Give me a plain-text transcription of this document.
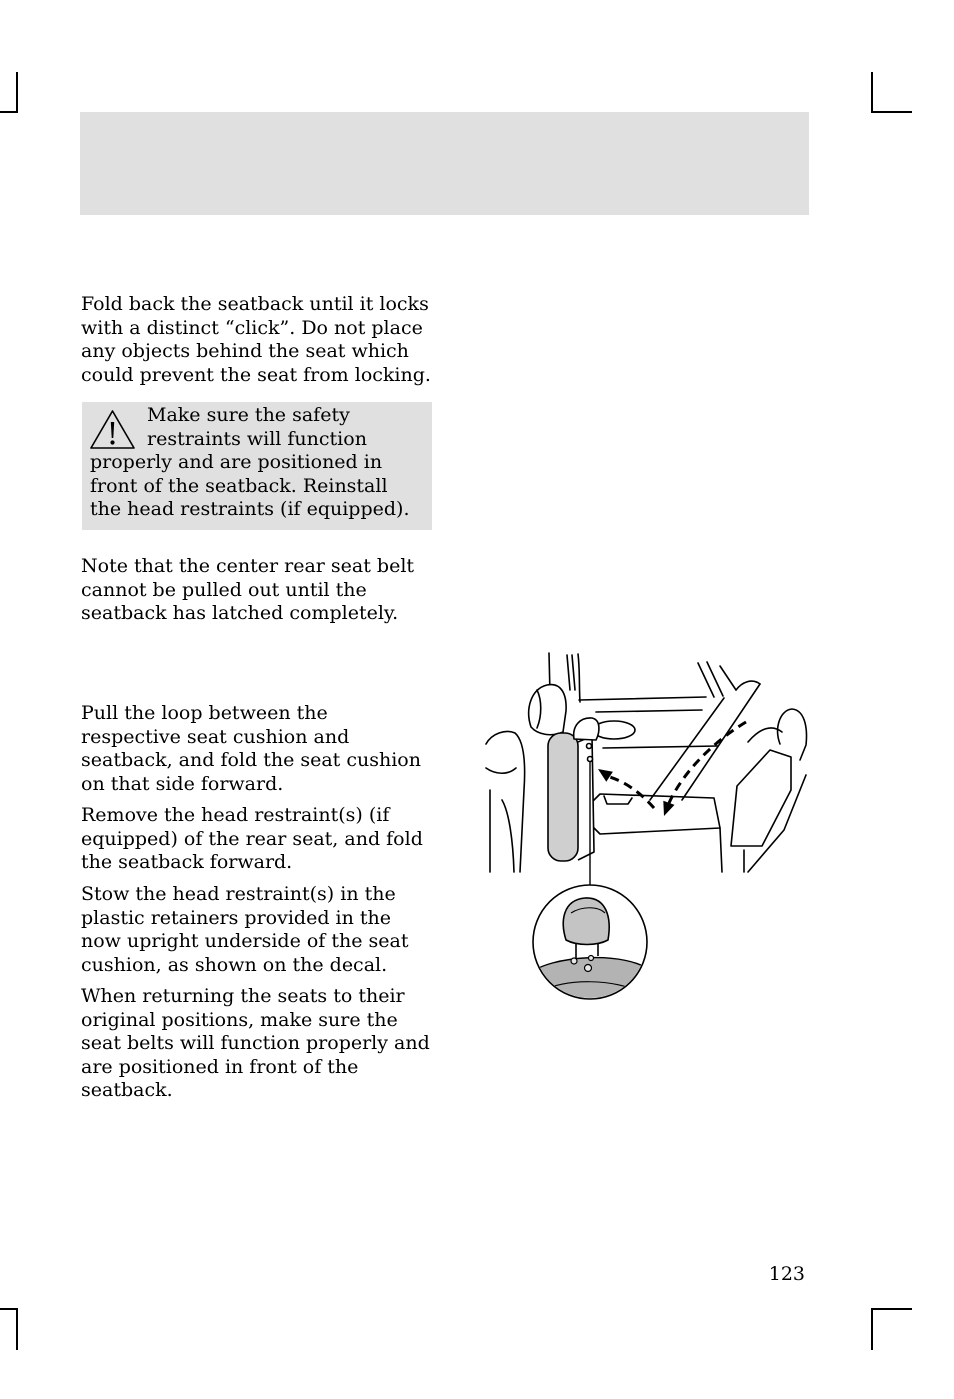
Fold back the seatback until it locks
with a distinct “click”. Do not place
any objects behind the seat which
could prevent the seat from locking.

Make sure the safety
restraints will function
properly and are positioned in
front of the seatback. Reinstall
the head restraints (if equipped).

Note that the center rear seat belt
cannot be pulled out until the
seatback has latched completely.

Pull the loop between the
respective seat cushion and
seatback, and fold the seat cushion
on that side forward.

Remove the head restraint(s) (if
equipped) of the rear seat, and fold
the seatback forward.

Stow the head restraint(s) in the
plastic retainers provided in the
now upright underside of the seat
cushion, as shown on the decal.

When returning the seats to their
original positions, make sure the
seat belts will function properly and
are positioned in front of the
seatback.

123
